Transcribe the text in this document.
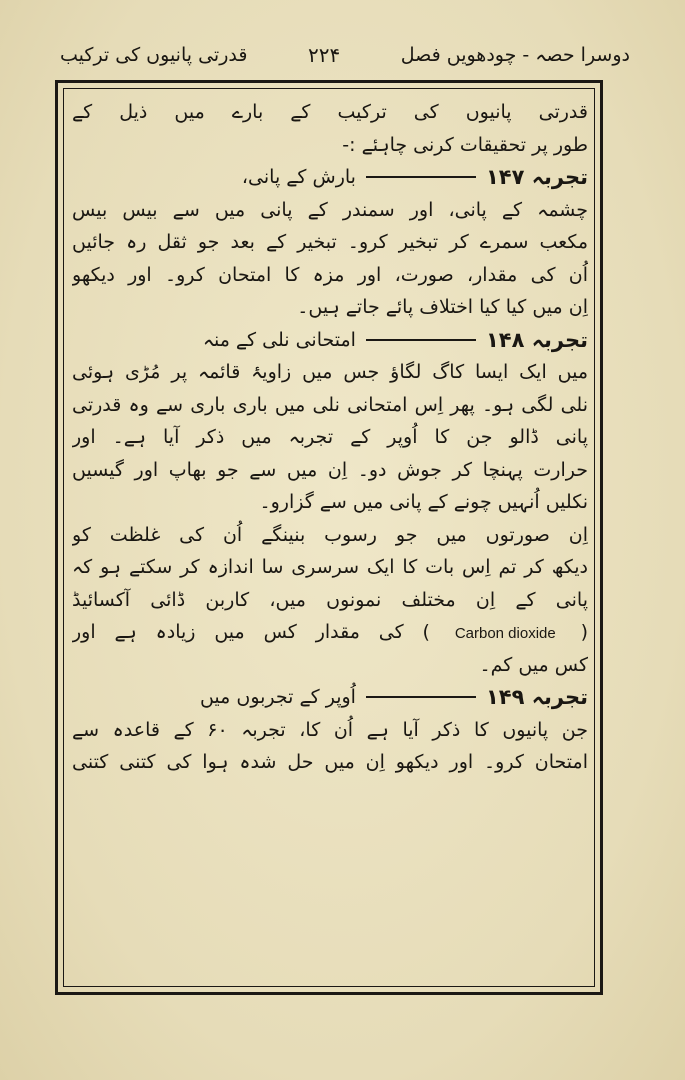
دوسرا حصہ - چودھویں فصل
۲۲۴
قدرتی پانیوں کی ترکیب
قدرتی پانیوں کی ترکیب کے بارے میں ذیل کے
طور پر تحقیقات کرنی چاہئے :-
تجربہ ۱۴۷
بارش کے پانی،
چشمہ کے پانی، اور سمندر کے پانی میں سے بیس بیس
مکعب سمرے کر تبخیر کرو۔ تبخیر کے بعد جو ثقل رہ جائیں
اُن کی مقدار، صورت، اور مزہ کا امتحان کرو۔ اور دیکھو
اِن میں کیا کیا اختلاف پائے جاتے ہیں۔
تجربہ ۱۴۸
امتحانی نلی کے منہ
میں ایک ایسا کاگ لگاؤ جس میں زاویۂ قائمہ پر مُڑی ہوئی
نلی لگی ہو۔ پھر اِس امتحانی نلی میں باری باری سے وہ قدرتی
پانی ڈالو جن کا اُوپر کے تجربہ میں ذکر آیا ہے۔ اور
حرارت پہنچا کر جوش دو۔ اِن میں سے جو بھاپ اور گیسیں
نکلیں اُنہیں چونے کے پانی میں سے گزارو۔
اِن صورتوں میں جو رسوب بنینگے اُن کی غلظت کو
دیکھ کر تم اِس بات کا ایک سرسری سا اندازہ کر سکتے ہو کہ
پانی کے اِن مختلف نمونوں میں، کاربن ڈائی آکسائیڈ
( Carbon dioxide ) کی مقدار کس میں زیادہ ہے اور
کس میں کم۔
تجربہ ۱۴۹
اُوپر کے تجربوں میں
جن پانیوں کا ذکر آیا ہے اُن کا، تجربہ ۶۰ کے قاعدہ سے
امتحان کرو۔ اور دیکھو اِن میں حل شدہ ہوا کی کتنی کتنی
